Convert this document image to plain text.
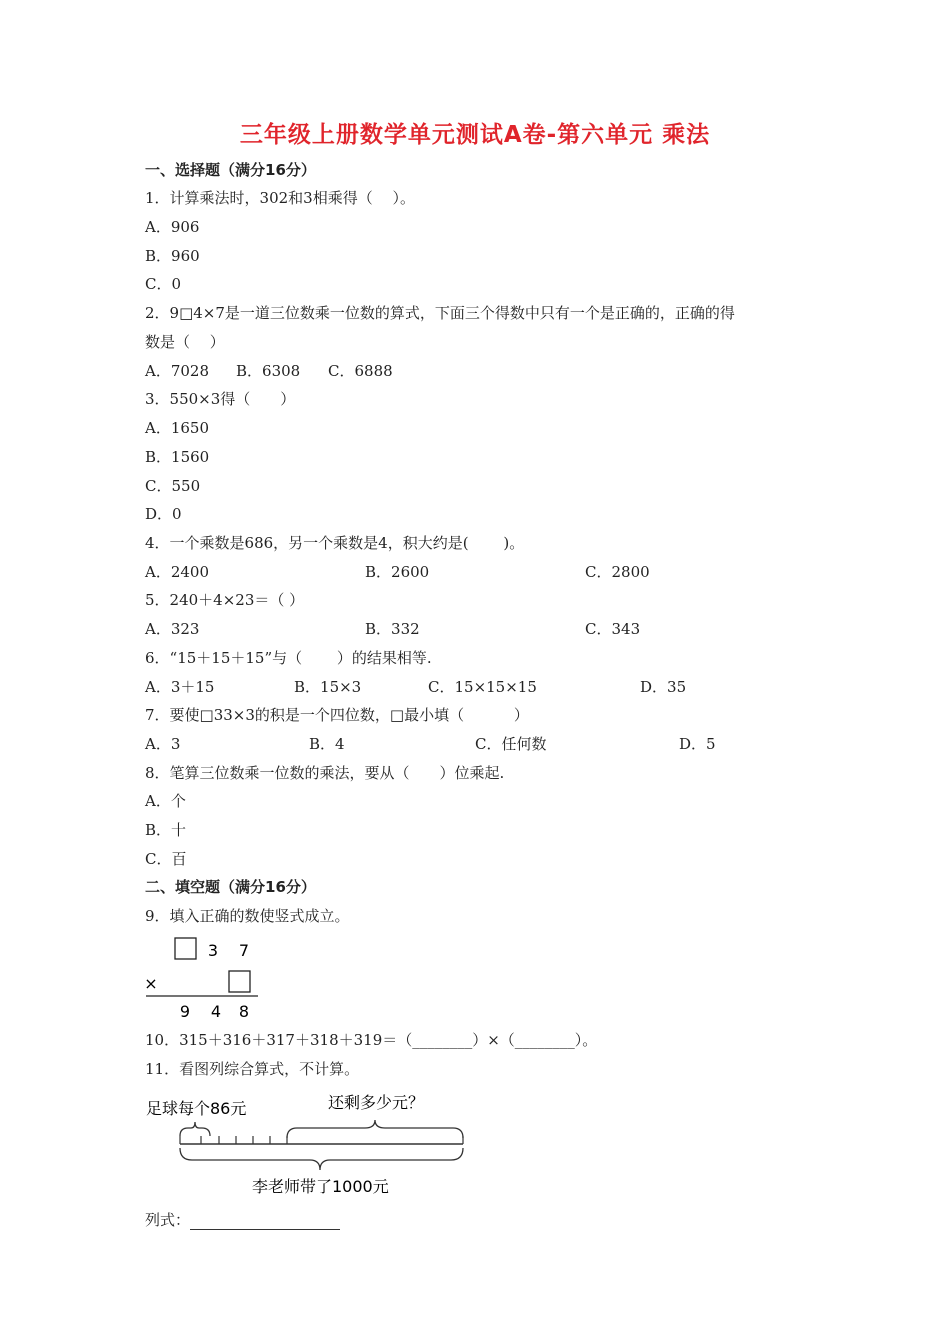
三年级上册数学单元测试A卷-第六单元 乘法
一、选择题（满分16分）
1．计算乘法时，302和3相乘得（　 ）。
A．906
B．960
C．0
2．9□4×7是一道三位数乘一位数的算式，下面三个得数中只有一个是正确的，正确的得
数是（　 ）
A．7028 B．6308 C．6888
3．550×3得（　　）
A．1650
B．1560
C．550
D．0
4．一个乘数是686，另一个乘数是4，积大约是(　　 )。
A．2400	B．2600	C．2800
5．240＋4×23＝（ ）
A．323	B．332	C．343
6．“15＋15＋15”与（　　 ）的结果相等.
A．3＋15	B．15×3	C．15×15×15	D．35
7．要使□33×3的积是一个四位数，□最小填（　　　 ）
A．3	B．4	C．任何数	D．5
8．笔算三位数乘一位数的乘法，要从（　　）位乘起.
A．个
B．十
C．百
二、填空题（满分16分）
9．填入正确的数使竖式成立。
3 7
×
9 4 8
10．315＋316＋317＋318＋319＝（________）×（________）。
11．看图列综合算式，不计算。
足球每个86元	还剩多少元？
李老师带了1000元
列式：
